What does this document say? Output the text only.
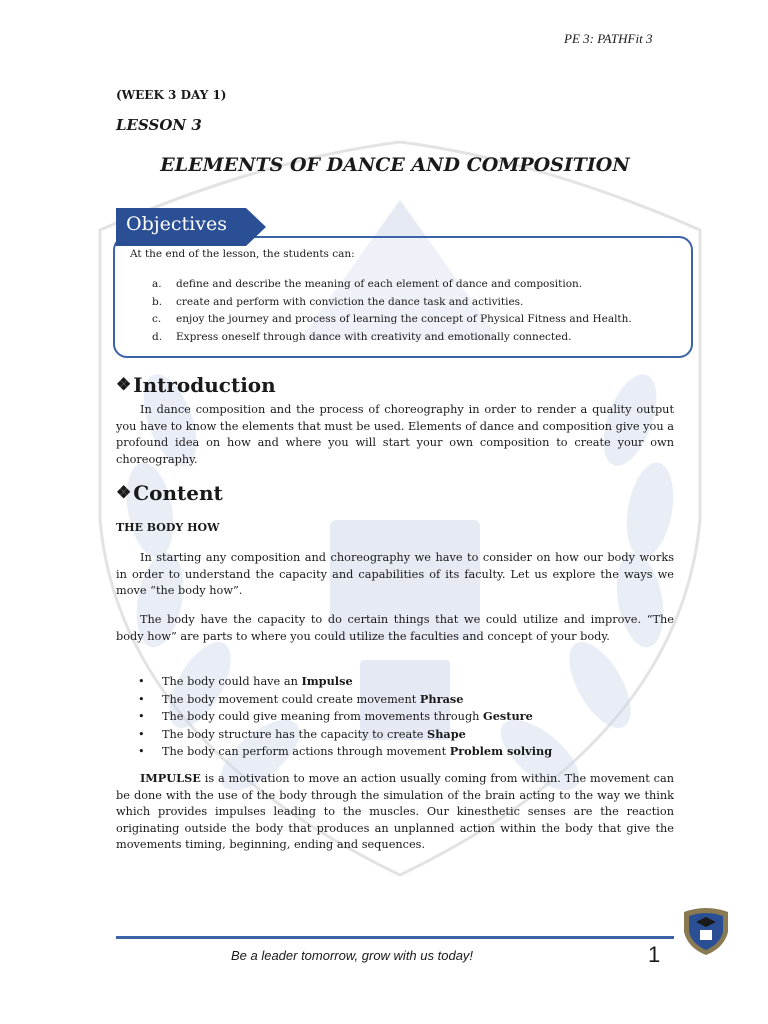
PE 3: PATHFit 3
(WEEK 3 DAY 1)
LESSON 3
ELEMENTS OF DANCE AND COMPOSITION
Objectives
At the end of the lesson, the students can:
a.	define and describe the meaning of each element of dance and composition.
b.	create and perform with conviction the dance task and activities.
c.	enjoy the journey and process of learning the concept of Physical Fitness and Health.
d.	Express oneself through dance with creativity and emotionally connected.
❖ Introduction
In dance composition and the process of choreography in order to render a quality output you have to know the elements that must be used. Elements of dance and composition give you a profound idea on how and where you will start your own composition to create your own choreography.
❖ Content
THE BODY HOW
In starting any composition and choreography we have to consider on how our body works in order to understand the capacity and capabilities of its faculty. Let us explore the ways we move “the body how”.
The body have the capacity to do certain things that we could utilize and improve. “The body how” are parts to where you could utilize the faculties and concept of your body.
•	The body could have an Impulse
•	The body movement could create movement Phrase
•	The body could give meaning from movements through Gesture
•	The body structure has the capacity to create Shape
•	The body can perform actions through movement Problem solving
IMPULSE is a motivation to move an action usually coming from within. The movement can be done with the use of the body through the simulation of the brain acting to the way we think which provides impulses leading to the muscles. Our kinesthetic senses are the reaction originating outside the body that produces an unplanned action within the body that give the movements timing, beginning, ending and sequences.
Be a leader tomorrow, grow with us today!	1
